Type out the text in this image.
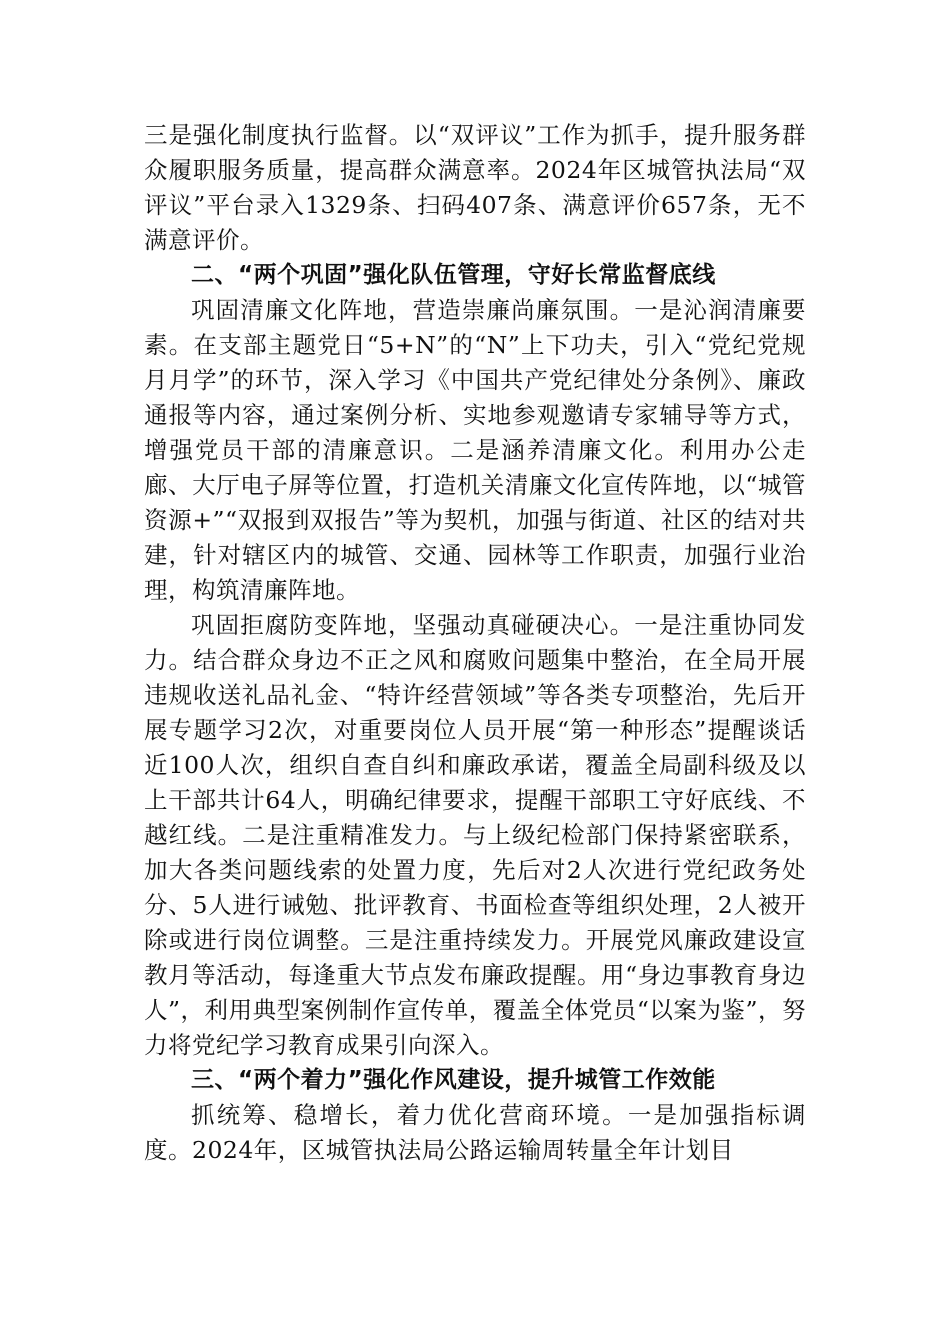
三是强化制度执行监督。以“双评议”工作为抓手，提升服务群众履职服务质量，提高群众满意率。2024年区城管执法局“双评议”平台录入1329条、扫码407条、满意评价657条，无不满意评价。

二、“两个巩固”强化队伍管理，守好长常监督底线

巩固清廉文化阵地，营造崇廉尚廉氛围。一是沁润清廉要素。在支部主题党日“5+N”的“N”上下功夫，引入“党纪党规月月学”的环节，深入学习《中国共产党纪律处分条例》、廉政通报等内容，通过案例分析、实地参观邀请专家辅导等方式，增强党员干部的清廉意识。二是涵养清廉文化。利用办公走廊、大厅电子屏等位置，打造机关清廉文化宣传阵地，以“城管资源+”“双报到双报告”等为契机，加强与街道、社区的结对共建，针对辖区内的城管、交通、园林等工作职责，加强行业治理，构筑清廉阵地。

巩固拒腐防变阵地，坚强动真碰硬决心。一是注重协同发力。结合群众身边不正之风和腐败问题集中整治，在全局开展违规收送礼品礼金、“特许经营领域”等各类专项整治，先后开展专题学习2次，对重要岗位人员开展“第一种形态”提醒谈话近100人次，组织自查自纠和廉政承诺，覆盖全局副科级及以上干部共计64人，明确纪律要求，提醒干部职工守好底线、不越红线。二是注重精准发力。与上级纪检部门保持紧密联系，加大各类问题线索的处置力度，先后对2人次进行党纪政务处分、5人进行诫勉、批评教育、书面检查等组织处理，2人被开除或进行岗位调整。三是注重持续发力。开展党风廉政建设宣教月等活动，每逢重大节点发布廉政提醒。用“身边事教育身边人”，利用典型案例制作宣传单，覆盖全体党员“以案为鉴”，努力将党纪学习教育成果引向深入。

三、“两个着力”强化作风建设，提升城管工作效能

抓统筹、稳增长，着力优化营商环境。一是加强指标调度。2024年，区城管执法局公路运输周转量全年计划目
